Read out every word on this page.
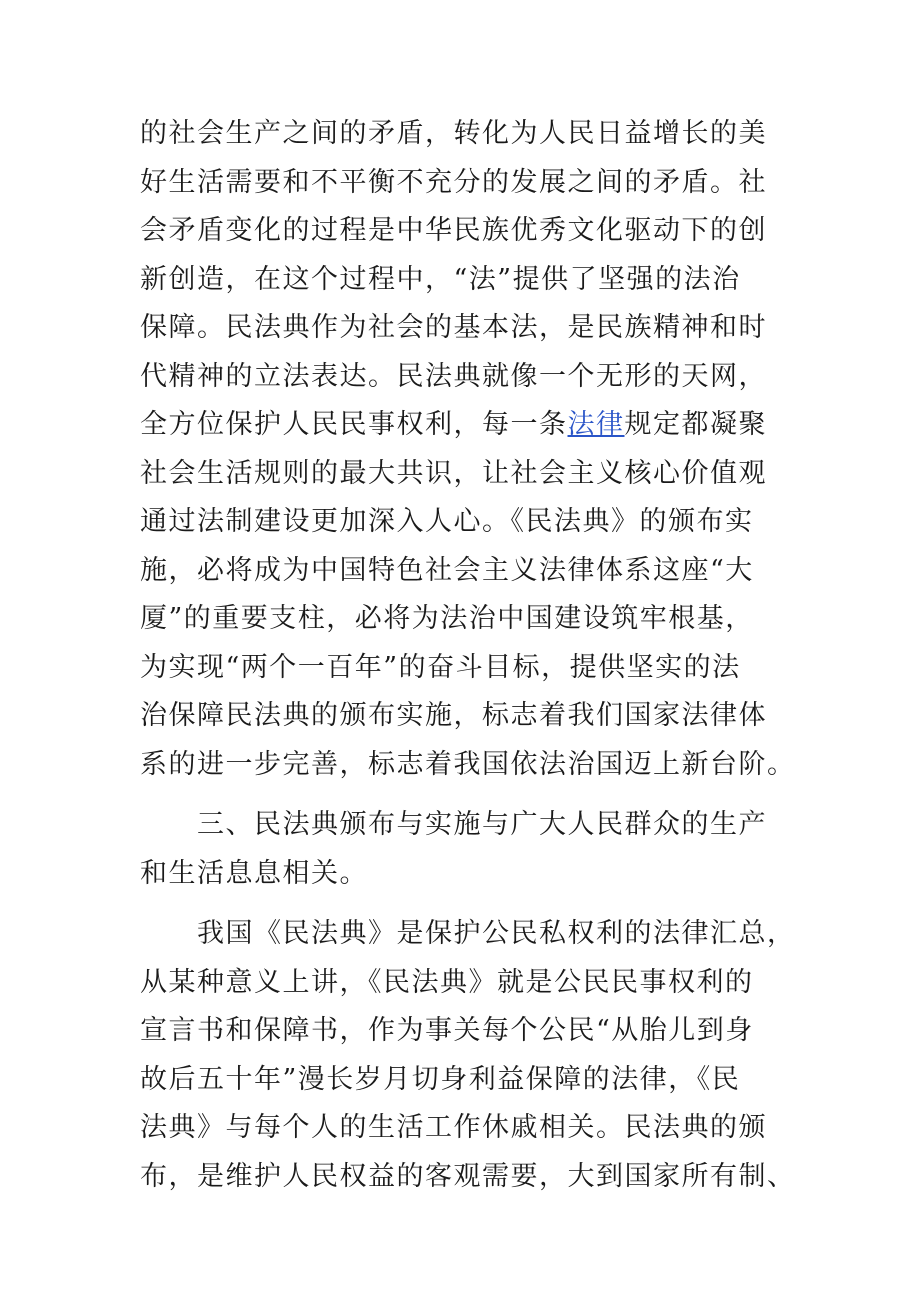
的社会生产之间的矛盾，转化为人民日益增长的美
好生活需要和不平衡不充分的发展之间的矛盾。社
会矛盾变化的过程是中华民族优秀文化驱动下的创
新创造，在这个过程中，“法”提供了坚强的法治
保障。民法典作为社会的基本法，是民族精神和时
代精神的立法表达。民法典就像一个无形的天网，
全方位保护人民民事权利，每一条法律规定都凝聚
社会生活规则的最大共识，让社会主义核心价值观
通过法制建设更加深入人心。《民法典》的颁布实
施，必将成为中国特色社会主义法律体系这座“大
厦”的重要支柱，必将为法治中国建设筑牢根基，
为实现“两个一百年”的奋斗目标，提供坚实的法
治保障民法典的颁布实施，标志着我们国家法律体
系的进一步完善，标志着我国依法治国迈上新台阶。
三、民法典颁布与实施与广大人民群众的生产
和生活息息相关。
我国《民法典》是保护公民私权利的法律汇总，
从某种意义上讲，《民法典》就是公民民事权利的
宣言书和保障书，作为事关每个公民“从胎儿到身
故后五十年”漫长岁月切身利益保障的法律，《民
法典》与每个人的生活工作休戚相关。民法典的颁
布，是维护人民权益的客观需要，大到国家所有制、
